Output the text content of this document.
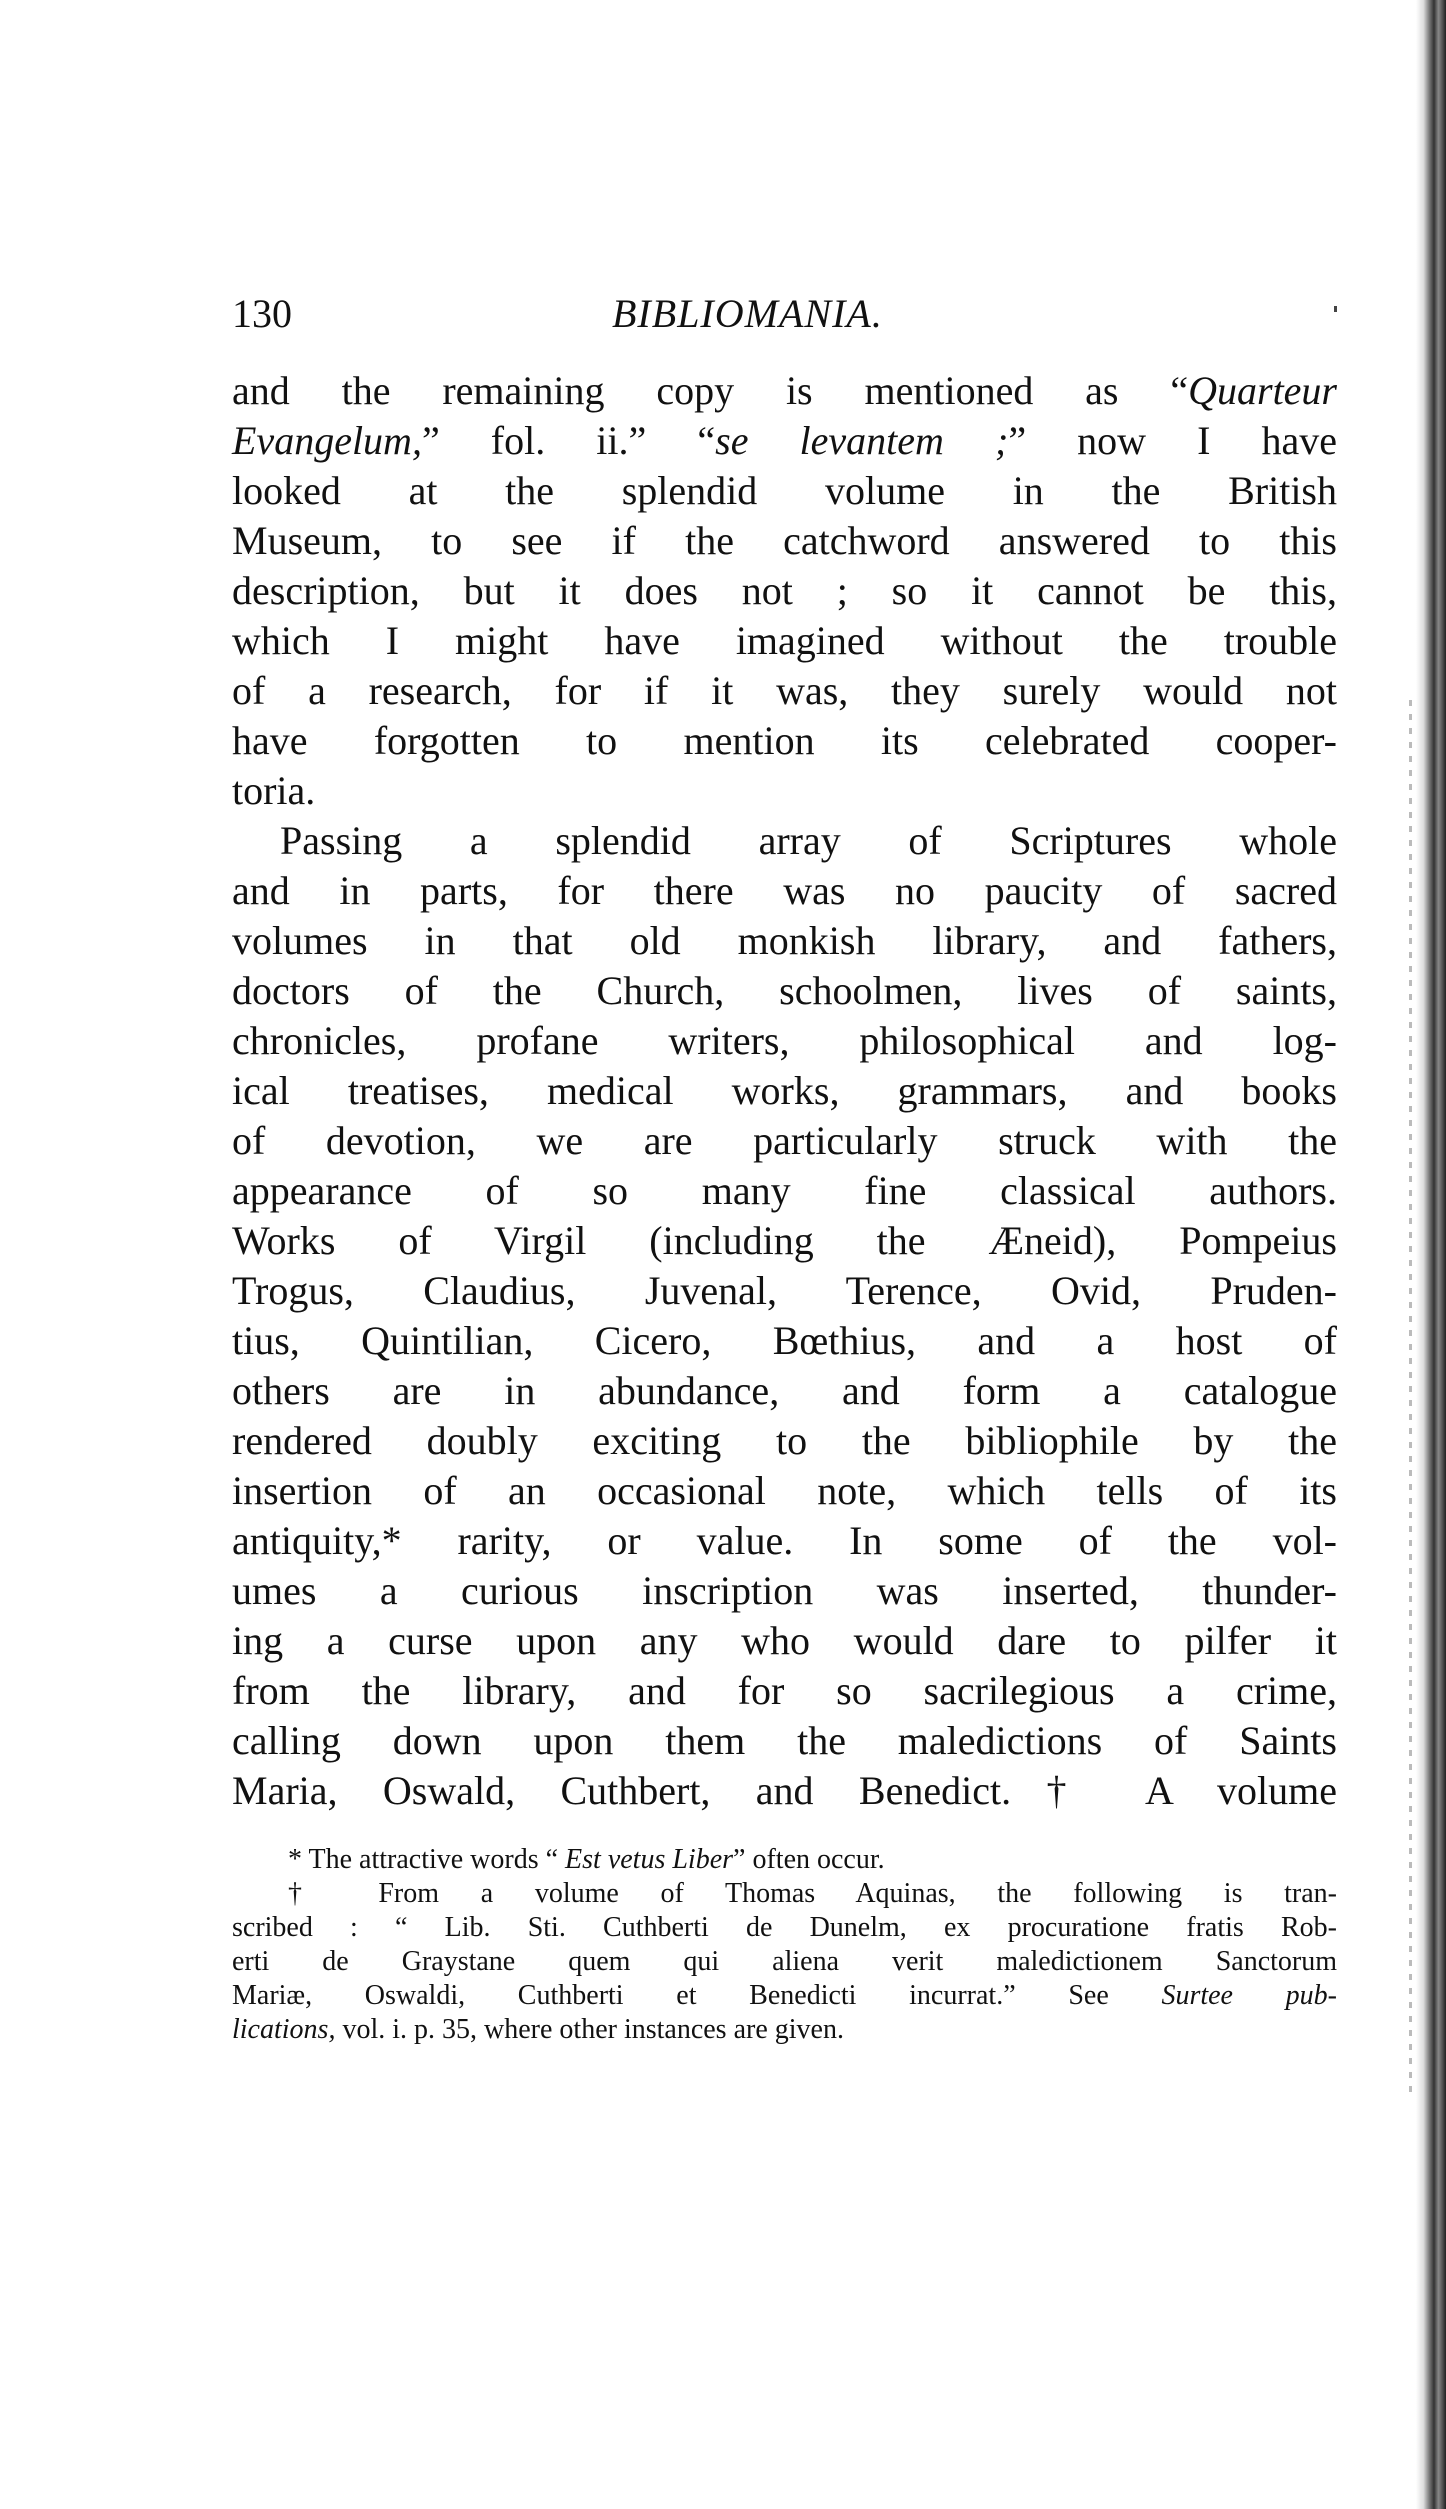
130	BIBLIOMANIA.
and the remaining copy is mentioned as “Quarteur
Evangelum,” fol. ii.” “se levantem ;” now I have
looked at the splendid volume in the British
Museum, to see if the catchword answered to this
description, but it does not ; so it cannot be this,
which I might have imagined without the trouble
of a research, for if it was, they surely would not
have forgotten to mention its celebrated cooper-
toria.
Passing a splendid array of Scriptures whole
and in parts, for there was no paucity of sacred
volumes in that old monkish library, and fathers,
doctors of the Church, schoolmen, lives of saints,
chronicles, profane writers, philosophical and log-
ical treatises, medical works, grammars, and books
of devotion, we are particularly struck with the
appearance of so many fine classical authors.
Works of Virgil (including the Æneid), Pompeius
Trogus, Claudius, Juvenal, Terence, Ovid, Pruden-
tius, Quintilian, Cicero, Bœthius, and a host of
others are in abundance, and form a catalogue
rendered doubly exciting to the bibliophile by the
insertion of an occasional note, which tells of its
antiquity,* rarity, or value. In some of the vol-
umes a curious inscription was inserted, thunder-
ing a curse upon any who would dare to pilfer it
from the library, and for so sacrilegious a crime,
calling down upon them the maledictions of Saints
Maria, Oswald, Cuthbert, and Benedict.† A volume
* The attractive words “ Est vetus Liber” often occur.
† From a volume of Thomas Aquinas, the following is tran-
scribed : “ Lib. Sti. Cuthberti de Dunelm, ex procuratione fratis Rob-
erti de Graystane quem qui aliena verit maledictionem Sanctorum
Mariæ, Oswaldi, Cuthberti et Benedicti incurrat.” See Surtee pub-
lications, vol. i. p. 35, where other instances are given.
